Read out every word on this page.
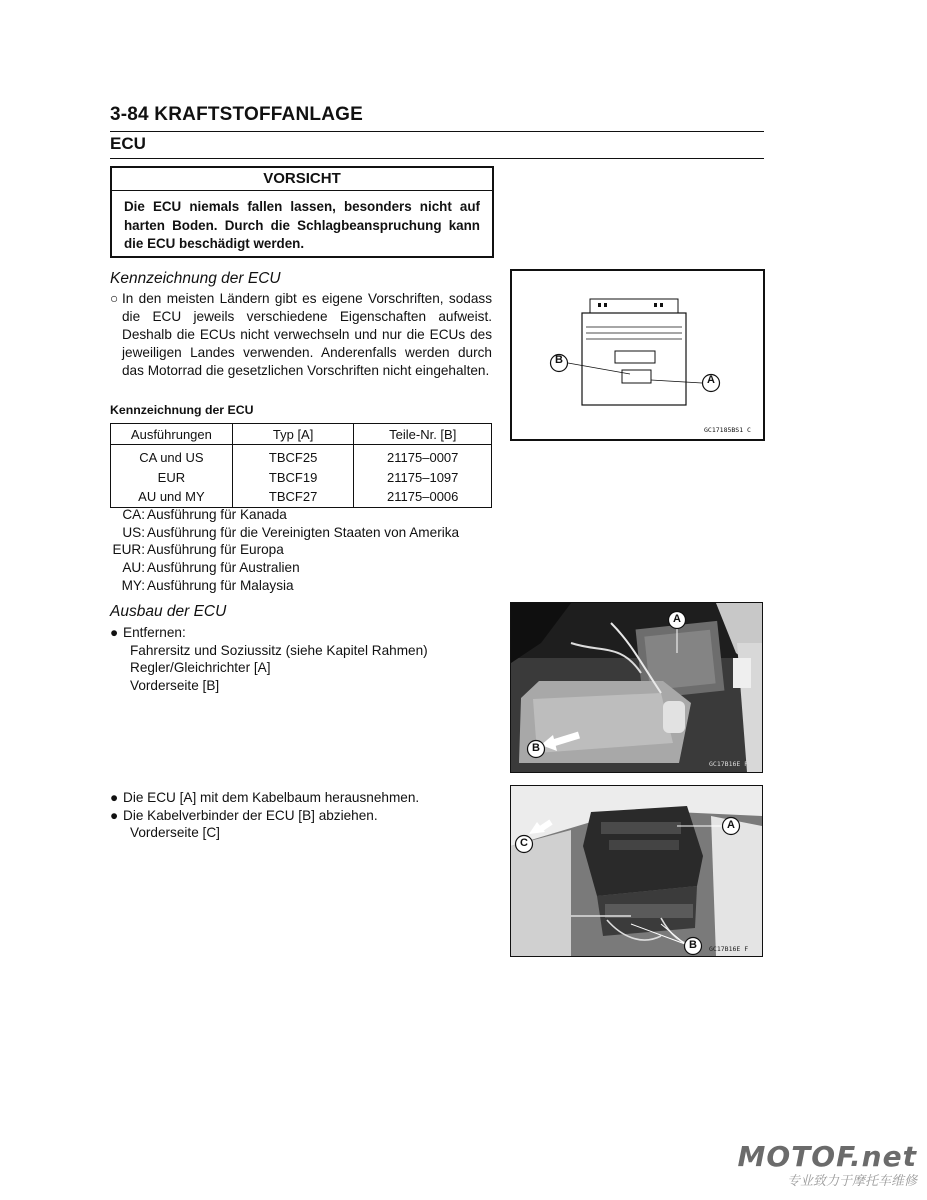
3-84 KRAFTSTOFFANLAGE
ECU
VORSICHT
Die ECU niemals fallen lassen, besonders nicht auf harten Boden. Durch die Schlagbeanspruchung kann die ECU beschädigt werden.
Kennzeichnung der ECU
○ In den meisten Ländern gibt es eigene Vorschriften, sodass die ECU jeweils verschiedene Eigenschaften aufweist. Deshalb die ECUs nicht verwechseln und nur die ECUs des jeweiligen Landes verwenden. Anderenfalls werden durch das Motorrad die gesetzlichen Vorschriften nicht eingehalten.
Kennzeichnung der ECU
Ausführungen	Typ [A]	Teile-Nr. [B]
CA und US	TBCF25	21175–0007
EUR	TBCF19	21175–1097
AU und MY	TBCF27	21175–0006
CA: Ausführung für Kanada
US: Ausführung für die Vereinigten Staaten von Amerika
EUR: Ausführung für Europa
AU: Ausführung für Australien
MY: Ausführung für Malaysia
Ausbau der ECU
● Entfernen:
Fahrersitz und Soziussitz (siehe Kapitel Rahmen)
Regler/Gleichrichter [A]
Vorderseite [B]
● Die ECU [A] mit dem Kabelbaum herausnehmen.
● Die Kabelverbinder der ECU [B] abziehen.
Vorderseite [C]
B
A
GC17185BS1 C
A
B
GC17B16E P
A
C
B	GC17B16E F
MOTOF.net
专业致力于摩托车维修
